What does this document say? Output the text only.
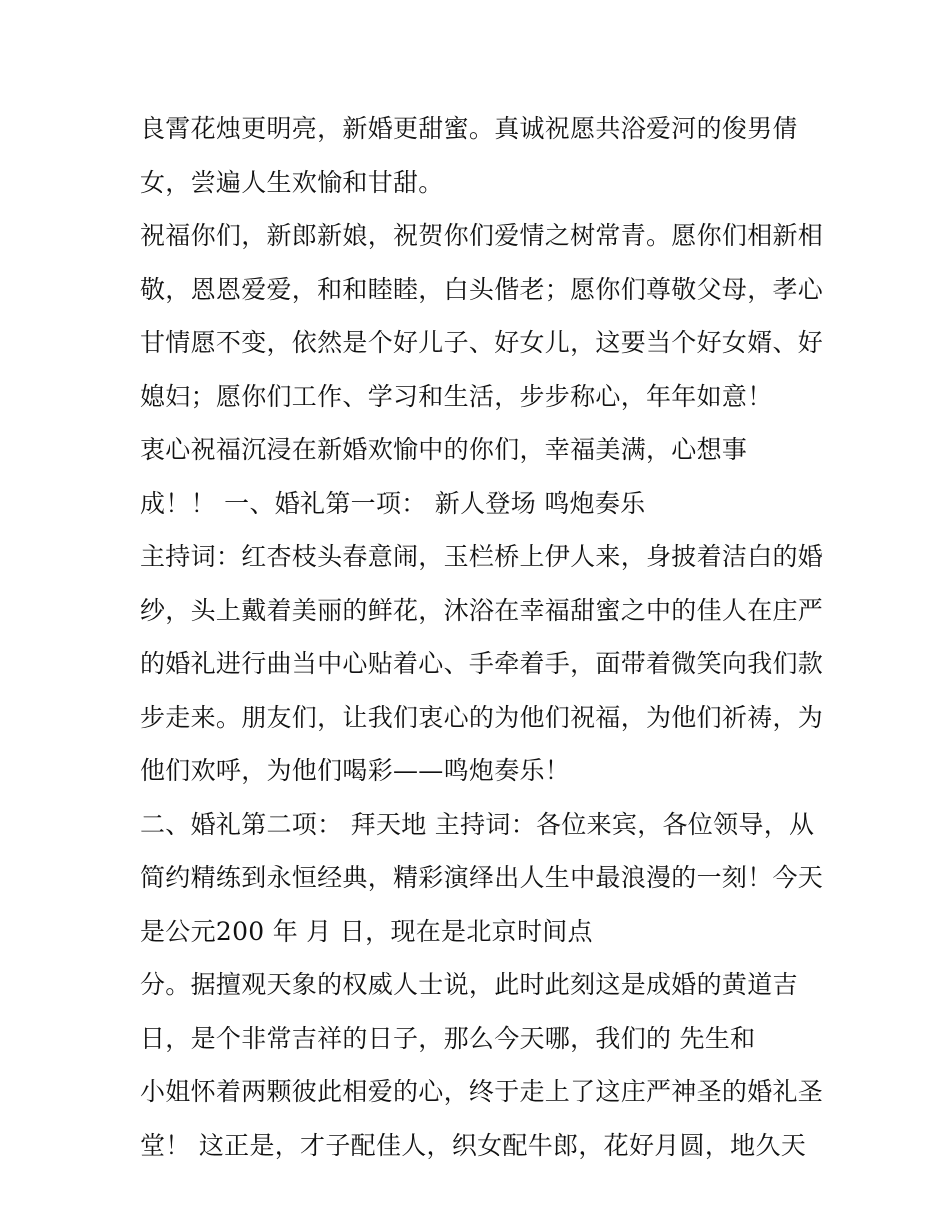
良霄花烛更明亮，新婚更甜蜜。真诚祝愿共浴爱河的俊男倩
女，尝遍人生欢愉和甘甜。
祝福你们，新郎新娘，祝贺你们爱情之树常青。愿你们相新相
敬，恩恩爱爱，和和睦睦，白头偕老；愿你们尊敬父母，孝心
甘情愿不变，依然是个好儿子、好女儿，这要当个好女婿、好
媳妇；愿你们工作、学习和生活，步步称心，年年如意！
衷心祝福沉浸在新婚欢愉中的你们，幸福美满，心想事
成！！ 一、婚礼第一项： 新人登场 鸣炮奏乐
主持词：红杏枝头春意闹，玉栏桥上伊人来，身披着洁白的婚
纱，头上戴着美丽的鲜花，沐浴在幸福甜蜜之中的佳人在庄严
的婚礼进行曲当中心贴着心、手牵着手，面带着微笑向我们款
步走来。朋友们，让我们衷心的为他们祝福，为他们祈祷，为
他们欢呼，为他们喝彩——鸣炮奏乐！
二、婚礼第二项： 拜天地 主持词：各位来宾，各位领导，从
简约精练到永恒经典，精彩演绎出人生中最浪漫的一刻！今天
是公元200 年 月 日，现在是北京时间点
分。据擅观天象的权威人士说，此时此刻这是成婚的黄道吉
日，是个非常吉祥的日子，那么今天哪，我们的 先生和
小姐怀着两颗彼此相爱的心，终于走上了这庄严神圣的婚礼圣
堂！ 这正是，才子配佳人，织女配牛郎，花好月圆，地久天
